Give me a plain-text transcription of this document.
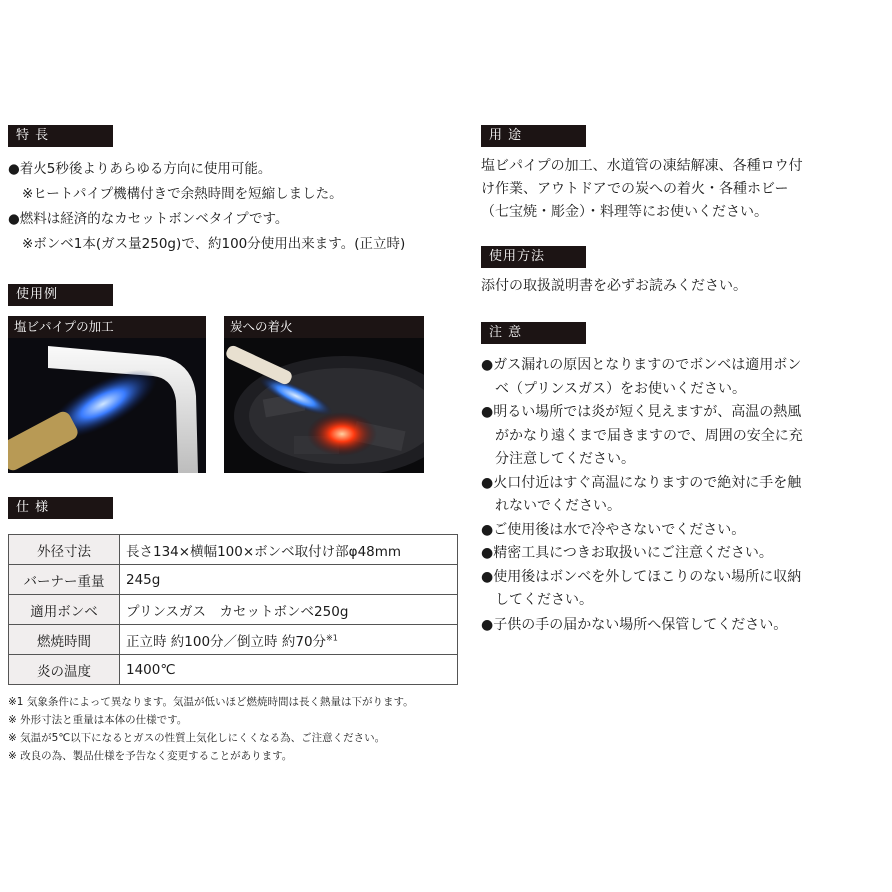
特 長
●着火5秒後よりあらゆる方向に使用可能。
※ヒートパイプ機構付きで余熱時間を短縮しました。
●燃料は経済的なカセットボンベタイプです。
※ボンベ1本(ガス量250g)で、約100分使用出来ます。(正立時)
使用例
塩ビパイプの加工	炭への着火
仕 様
外径寸法	長さ134×横幅100×ボンベ取付け部φ48mm
バーナー重量	245g
適用ボンベ	プリンスガス　カセットボンベ250g
燃焼時間	正立時 約100分／倒立時 約70分$^{※1}$
炎の温度	1400℃
※1 気象条件によって異なります。気温が低いほど燃焼時間は長く熱量は下がります。
※ 外形寸法と重量は本体の仕様です。
※ 気温が5℃以下になるとガスの性質上気化しにくくなる為、ご注意ください。
※ 改良の為、製品仕様を予告なく変更することがあります。
用 途
塩ビパイプの加工、水道管の凍結解凍、各種ロウ付
け作業、アウトドアでの炭への着火・各種ホビー
（七宝焼・彫金）・料理等にお使いください。
使用方法
添付の取扱説明書を必ずお読みください。
注 意
●ガス漏れの原因となりますのでボンベは適用ボン
　ベ（プリンスガス）をお使いください。
●明るい場所では炎が短く見えますが、高温の熱風
　がかなり遠くまで届きますので、周囲の安全に充
　分注意してください。
●火口付近はすぐ高温になりますので絶対に手を触
　れないでください。
●ご使用後は水で冷やさないでください。
●精密工具につきお取扱いにご注意ください。
●使用後はボンベを外してほこりのない場所に収納
　してください。
●子供の手の届かない場所へ保管してください。
